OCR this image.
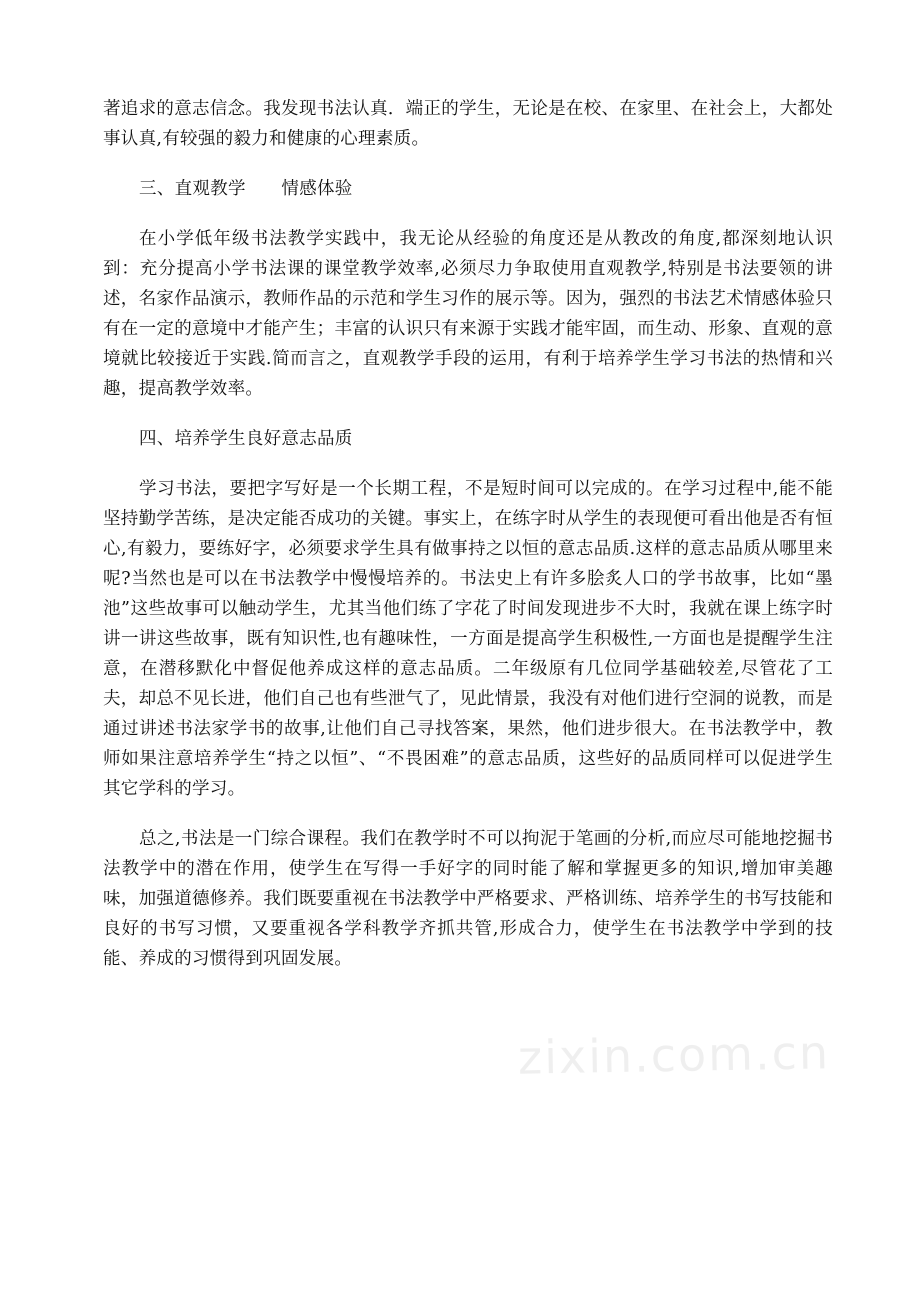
著追求的意志信念。我发现书法认真．端正的学生，无论是在校、在家里、在社会上，大都处事认真,有较强的毅力和健康的心理素质。

三、直观教学　　情感体验

在小学低年级书法教学实践中，我无论从经验的角度还是从教改的角度,都深刻地认识到：充分提高小学书法课的课堂教学效率,必须尽力争取使用直观教学,特别是书法要领的讲述，名家作品演示，教师作品的示范和学生习作的展示等。因为，强烈的书法艺术情感体验只有在一定的意境中才能产生；丰富的认识只有来源于实践才能牢固，而生动、形象、直观的意境就比较接近于实践.简而言之，直观教学手段的运用，有利于培养学生学习书法的热情和兴趣，提高教学效率。

四、培养学生良好意志品质

学习书法，要把字写好是一个长期工程，不是短时间可以完成的。在学习过程中,能不能坚持勤学苦练，是决定能否成功的关键。事实上，在练字时从学生的表现便可看出他是否有恒心,有毅力，要练好字，必须要求学生具有做事持之以恒的意志品质.这样的意志品质从哪里来呢?当然也是可以在书法教学中慢慢培养的。书法史上有许多脍炙人口的学书故事，比如“墨池”这些故事可以触动学生，尤其当他们练了字花了时间发现进步不大时，我就在课上练字时讲一讲这些故事，既有知识性,也有趣味性，一方面是提高学生积极性,一方面也是提醒学生注意，在潜移默化中督促他养成这样的意志品质。二年级原有几位同学基础较差,尽管花了工夫，却总不见长进，他们自己也有些泄气了，见此情景，我没有对他们进行空洞的说教，而是通过讲述书法家学书的故事,让他们自己寻找答案，果然，他们进步很大。在书法教学中，教师如果注意培养学生“持之以恒”、“不畏困难”的意志品质，这些好的品质同样可以促进学生其它学科的学习。

总之,书法是一门综合课程。我们在教学时不可以拘泥于笔画的分析,而应尽可能地挖掘书法教学中的潜在作用，使学生在写得一手好字的同时能了解和掌握更多的知识,增加审美趣味，加强道德修养。我们既要重视在书法教学中严格要求、严格训练、培养学生的书写技能和良好的书写习惯，又要重视各学科教学齐抓共管,形成合力，使学生在书法教学中学到的技能、养成的习惯得到巩固发展。

zixin.com.cn
